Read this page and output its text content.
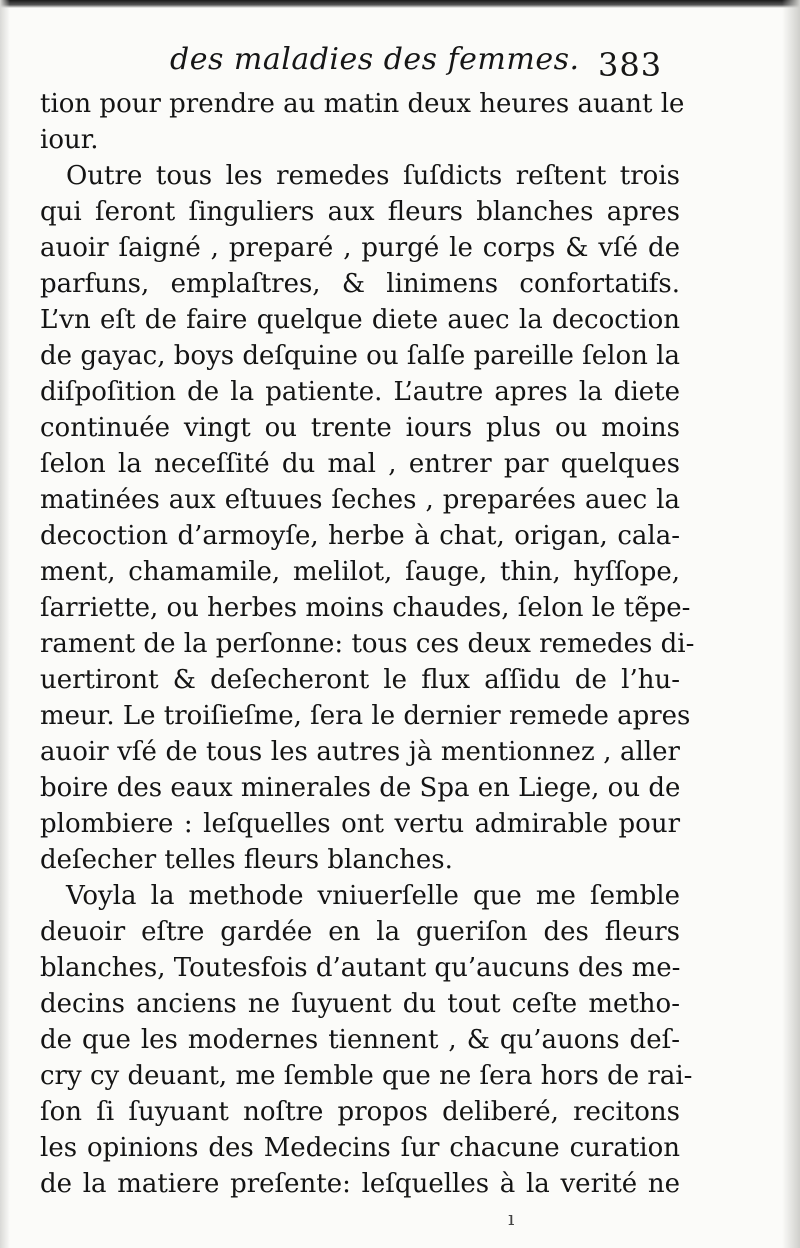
des maladies des femmes. 383
tion pour prendre au matin deux heures auant le
iour.
Outre tous les remedes ſuſdicts reſtent trois
qui ſeront ſinguliers aux fleurs blanches apres
auoir ſaigné , preparé , purgé le corps & vſé de
parfuns, emplaſtres, & linimens confortatifs.
L’vn eſt de faire quelque diete auec la decoction
de gayac, boys deſquine ou ſalſe pareille ſelon la
diſpoſition de la patiente. L’autre apres la diete
continuée vingt ou trente iours plus ou moins
ſelon la neceſſité du mal , entrer par quelques
matinées aux eſtuues ſeches , preparées auec la
decoction d’armoyſe, herbe à chat, origan, cala-
ment, chamamile, melilot, ſauge, thin, hyſſope,
ſarriette, ou herbes moins chaudes, ſelon le tẽpe-
rament de la perſonne: tous ces deux remedes di-
uertiront & deſecheront le flux aſſidu de l’hu-
meur. Le troiſieſme, ſera le dernier remede apres
auoir vſé de tous les autres jà mentionnez , aller
boire des eaux minerales de Spa en Liege, ou de
plombiere : leſquelles ont vertu admirable pour
deſecher telles fleurs blanches.
Voyla la methode vniuerſelle que me ſemble
deuoir eſtre gardée en la gueriſon des fleurs
blanches, Toutesfois d’autant qu’aucuns des me-
decins anciens ne ſuyuent du tout ceſte metho-
de que les modernes tiennent , & qu’auons deſ-
cry cy deuant, me ſemble que ne ſera hors de rai-
ſon ſi ſuyuant noſtre propos deliberé, recitons
les opinions des Medecins ſur chacune curation
de la matiere preſente: leſquelles à la verité ne
ı
